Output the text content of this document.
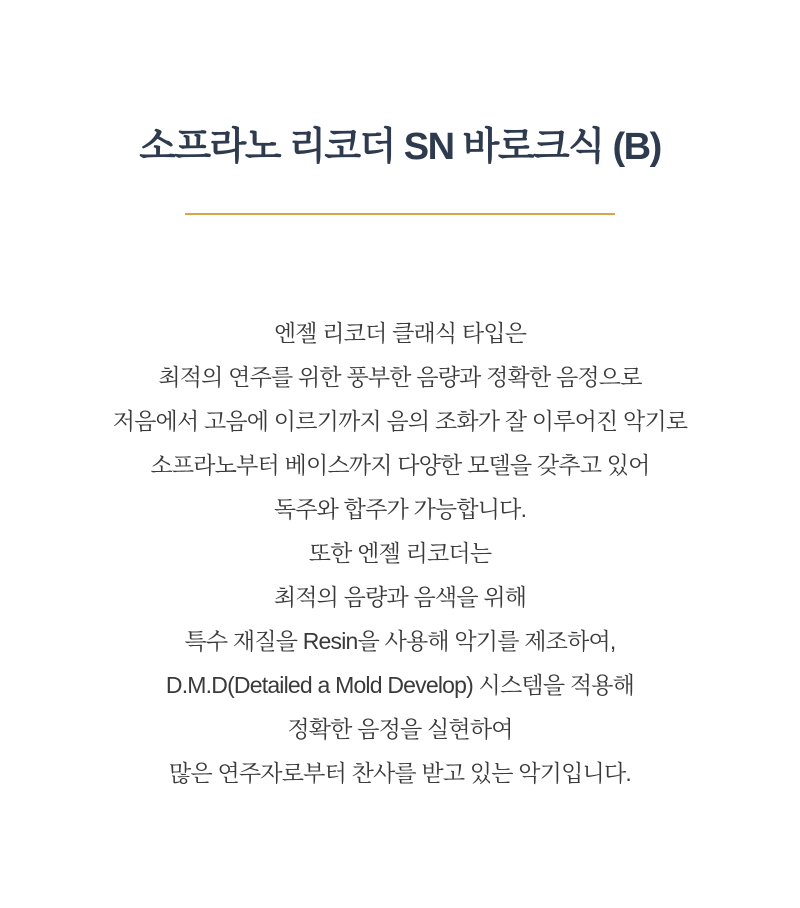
소프라노 리코더 SN 바로크식 (B)
엔젤 리코더 클래식 타입은
최적의 연주를 위한 풍부한 음량과 정확한 음정으로
저음에서 고음에 이르기까지 음의 조화가 잘 이루어진 악기로
소프라노부터 베이스까지 다양한 모델을 갖추고 있어
독주와 합주가 가능합니다.
또한 엔젤 리코더는
최적의 음량과 음색을 위해
특수 재질을 Resin을 사용해 악기를 제조하여,
D.M.D(Detailed a Mold Develop) 시스템을 적용해
정확한 음정을 실현하여
많은 연주자로부터 찬사를 받고 있는 악기입니다.
